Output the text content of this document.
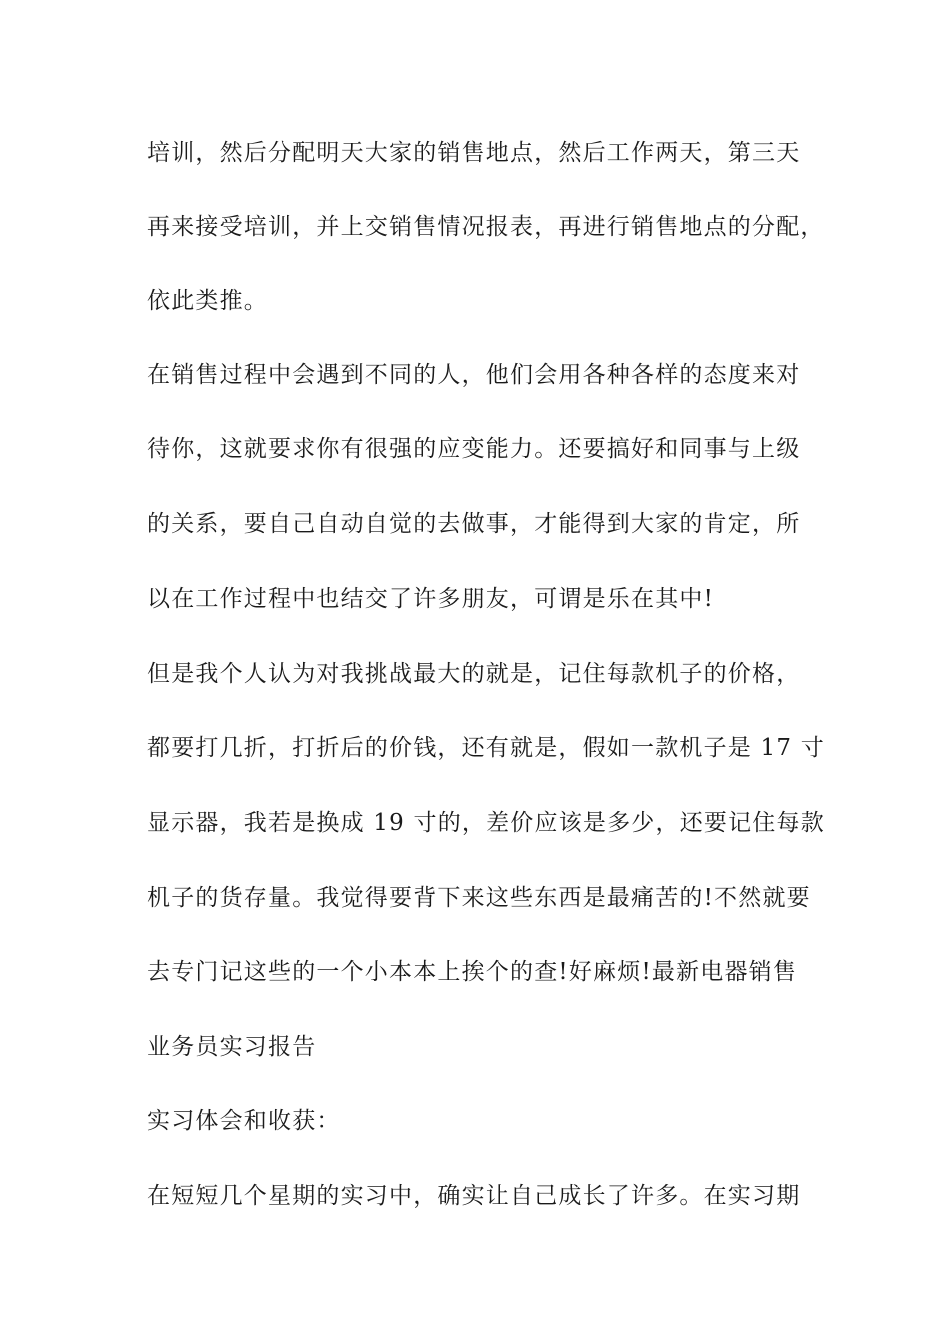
培训，然后分配明天大家的销售地点，然后工作两天，第三天
再来接受培训，并上交销售情况报表，再进行销售地点的分配，
依此类推。
在销售过程中会遇到不同的人，他们会用各种各样的态度来对
待你，这就要求你有很强的应变能力。还要搞好和同事与上级
的关系，要自己自动自觉的去做事，才能得到大家的肯定，所
以在工作过程中也结交了许多朋友，可谓是乐在其中!
但是我个人认为对我挑战最大的就是，记住每款机子的价格，
都要打几折，打折后的价钱，还有就是，假如一款机子是 17 寸
显示器，我若是换成 19 寸的，差价应该是多少，还要记住每款
机子的货存量。我觉得要背下来这些东西是最痛苦的!不然就要
去专门记这些的一个小本本上挨个的查!好麻烦!最新电器销售
业务员实习报告
实习体会和收获：
在短短几个星期的实习中，确实让自己成长了许多。在实习期
